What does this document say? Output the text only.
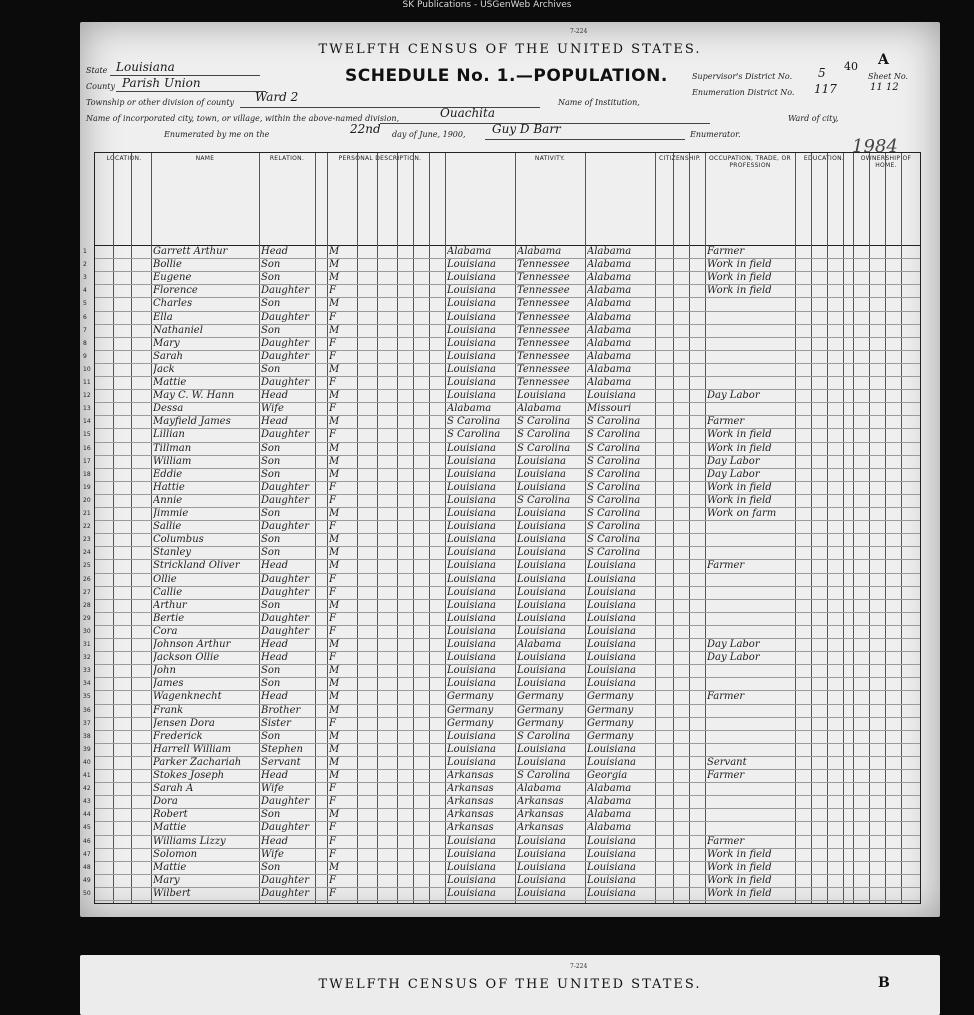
SK Publications - USGenWeb Archives
7-224
TWELFTH CENSUS OF THE UNITED STATES.
SCHEDULE No. 1.—POPULATION.	40 A
State Louisiana
County Parish Union
Township or other division of county Ward 2	Name of Institution,
Name of incorporated city, town, or village, within the above-named division,	Ouachita	Ward of city,
Enumerated by me on the	22nd day of June, 1900, Guy D Barr	Enumerator.
Supervisor's District No. 5
Enumeration District No. 117
Sheet No.
11 12
1984
LOCATION.	NAME	RELATION.	PERSONAL DESCRIPTION.	NATIVITY.	CITIZENSHIP.	OCCUPATION, TRADE, OR PROFESSION
EDUCATION.	OWNERSHIP OF HOME.
1	Garrett Arthur	Head	M	Alabama	Alabama	Alabama	Farmer
2	Bollie	Son	M	Louisiana	Tennessee	Alabama	Work in field
3	Eugene	Son	M	Louisiana	Tennessee	Alabama	Work in field
4	Florence	Daughter	F	Louisiana	Tennessee	Alabama	Work in field
5	Charles	Son	M	Louisiana	Tennessee	Alabama
6	Ella	Daughter	F	Louisiana	Tennessee	Alabama
7	Nathaniel	Son	M	Louisiana	Tennessee	Alabama
8	Mary	Daughter	F	Louisiana	Tennessee	Alabama
9	Sarah	Daughter	F	Louisiana	Tennessee	Alabama
10	Jack	Son	M	Louisiana	Tennessee	Alabama
11	Mattie	Daughter	F	Louisiana	Tennessee	Alabama
12	May C. W. Hann	Head	M	Louisiana	Louisiana	Louisiana	Day Labor
13	Dessa	Wife	F	Alabama	Alabama	Missouri
14	Mayfield James	Head	M	S Carolina	S Carolina	S Carolina	Farmer
15	Lillian	Daughter	F	S Carolina	S Carolina	S Carolina	Work in field
16	Tillman	Son	M	Louisiana	S Carolina	S Carolina	Work in field
17	William	Son	M	Louisiana	Louisiana	S Carolina	Day Labor
18	Eddie	Son	M	Louisiana	Louisiana	S Carolina	Day Labor
19	Hattie	Daughter	F	Louisiana	Louisiana	S Carolina	Work in field
20	Annie	Daughter	F	Louisiana	S Carolina	S Carolina	Work in field
21	Jimmie	Son	M	Louisiana	Louisiana	S Carolina	Work on farm
22	Sallie	Daughter	F	Louisiana	Louisiana	S Carolina
23	Columbus	Son	M	Louisiana	Louisiana	S Carolina
24	Stanley	Son	M	Louisiana	Louisiana	S Carolina
25	Strickland Oliver	Head	M	Louisiana	Louisiana	Louisiana	Farmer
26	Ollie	Daughter	F	Louisiana	Louisiana	Louisiana
27	Callie	Daughter	F	Louisiana	Louisiana	Louisiana
28	Arthur	Son	M	Louisiana	Louisiana	Louisiana
29	Bertie	Daughter	F	Louisiana	Louisiana	Louisiana
30	Cora	Daughter	F	Louisiana	Louisiana	Louisiana
31	Johnson Arthur	Head	M	Louisiana	Alabama	Louisiana	Day Labor
32	Jackson Ollie	Head	F	Louisiana	Louisiana	Louisiana	Day Labor
33	John	Son	M	Louisiana	Louisiana	Louisiana
34	James	Son	M	Louisiana	Louisiana	Louisiana
35	Wagenknecht	Head	M	Germany	Germany	Germany	Farmer
36	Frank	Brother	M	Germany	Germany	Germany
37	Jensen Dora	Sister	F	Germany	Germany	Germany
38	Frederick	Son	M	Louisiana	S Carolina	Germany
39	Harrell William	Stephen	M	Louisiana	Louisiana	Louisiana
40	Parker Zachariah	Servant	M	Louisiana	Louisiana	Louisiana	Servant
41	Stokes Joseph	Head	M	Arkansas	S Carolina	Georgia	Farmer
42	Sarah A	Wife	F	Arkansas	Alabama	Alabama
43	Dora	Daughter	F	Arkansas	Arkansas	Alabama
44	Robert	Son	M	Arkansas	Arkansas	Alabama
45	Mattie	Daughter	F	Arkansas	Arkansas	Alabama
46	Williams Lizzy	Head	F	Louisiana	Louisiana	Louisiana	Farmer
47	Solomon	Wife	F	Louisiana	Louisiana	Louisiana	Work in field
48	Mattie	Son	M	Louisiana	Louisiana	Louisiana	Work in field
49	Mary	Daughter	F	Louisiana	Louisiana	Louisiana	Work in field
50	Wilbert	Daughter	F	Louisiana	Louisiana	Louisiana	Work in field
7-224
TWELFTH CENSUS OF THE UNITED STATES.	B
